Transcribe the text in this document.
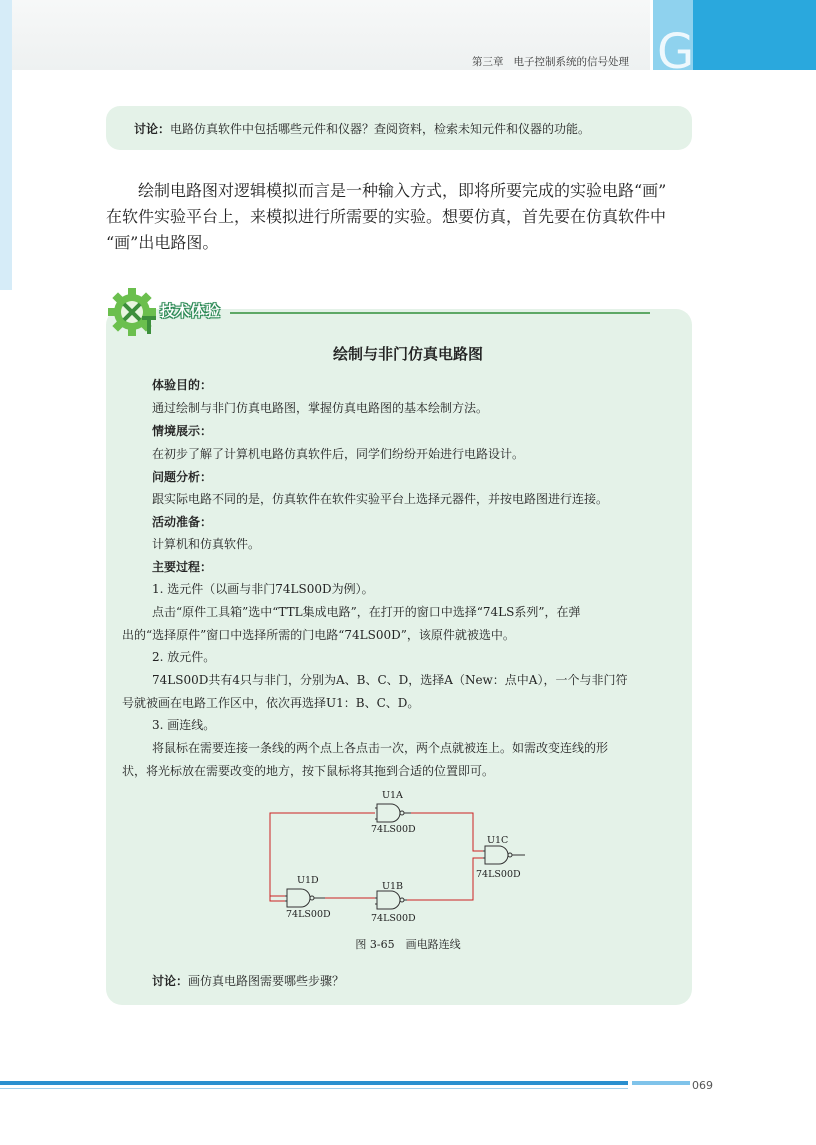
G
第三章 电子控制系统的信号处理
讨论：电路仿真软件中包括哪些元件和仪器？查阅资料，检索未知元件和仪器的功能。

　　绘制电路图对逻辑模拟而言是一种输入方式，即将所要完成的实验电路“画”

在软件实验平台上，来模拟进行所需要的实验。想要仿真，首先要在仿真软件中

“画”出电路图。

技术体验
绘制与非门仿真电路图
体验目的：
通过绘制与非门仿真电路图，掌握仿真电路图的基本绘制方法。
情境展示：
在初步了解了计算机电路仿真软件后，同学们纷纷开始进行电路设计。
问题分析：
跟实际电路不同的是，仿真软件在软件实验平台上选择元器件，并按电路图进行连接。
活动准备：
计算机和仿真软件。
主要过程：
1. 选元件（以画与非门74LS00D为例）。
点击“原件工具箱”选中“TTL集成电路”，在打开的窗口中选择“74LS系列”，在弹
出的“选择原件”窗口中选择所需的门电路“74LS00D”，该原件就被选中。
2. 放元件。
74LS00D共有4只与非门，分别为A、B、C、D，选择A（New：点中A），一个与非门符
号就被画在电路工作区中，依次再选择U1：B、C、D。
3. 画连线。
将鼠标在需要连接一条线的两个点上各点击一次，两个点就被连上。如需改变连线的形
状，将光标放在需要改变的地方，按下鼠标将其拖到合适的位置即可。
U1A
74LS00D
U1C
74LS00D
U1D
74LS00D
U1B
74LS00D
图 3-65　画电路连线
讨论：画仿真电路图需要哪些步骤？
069
